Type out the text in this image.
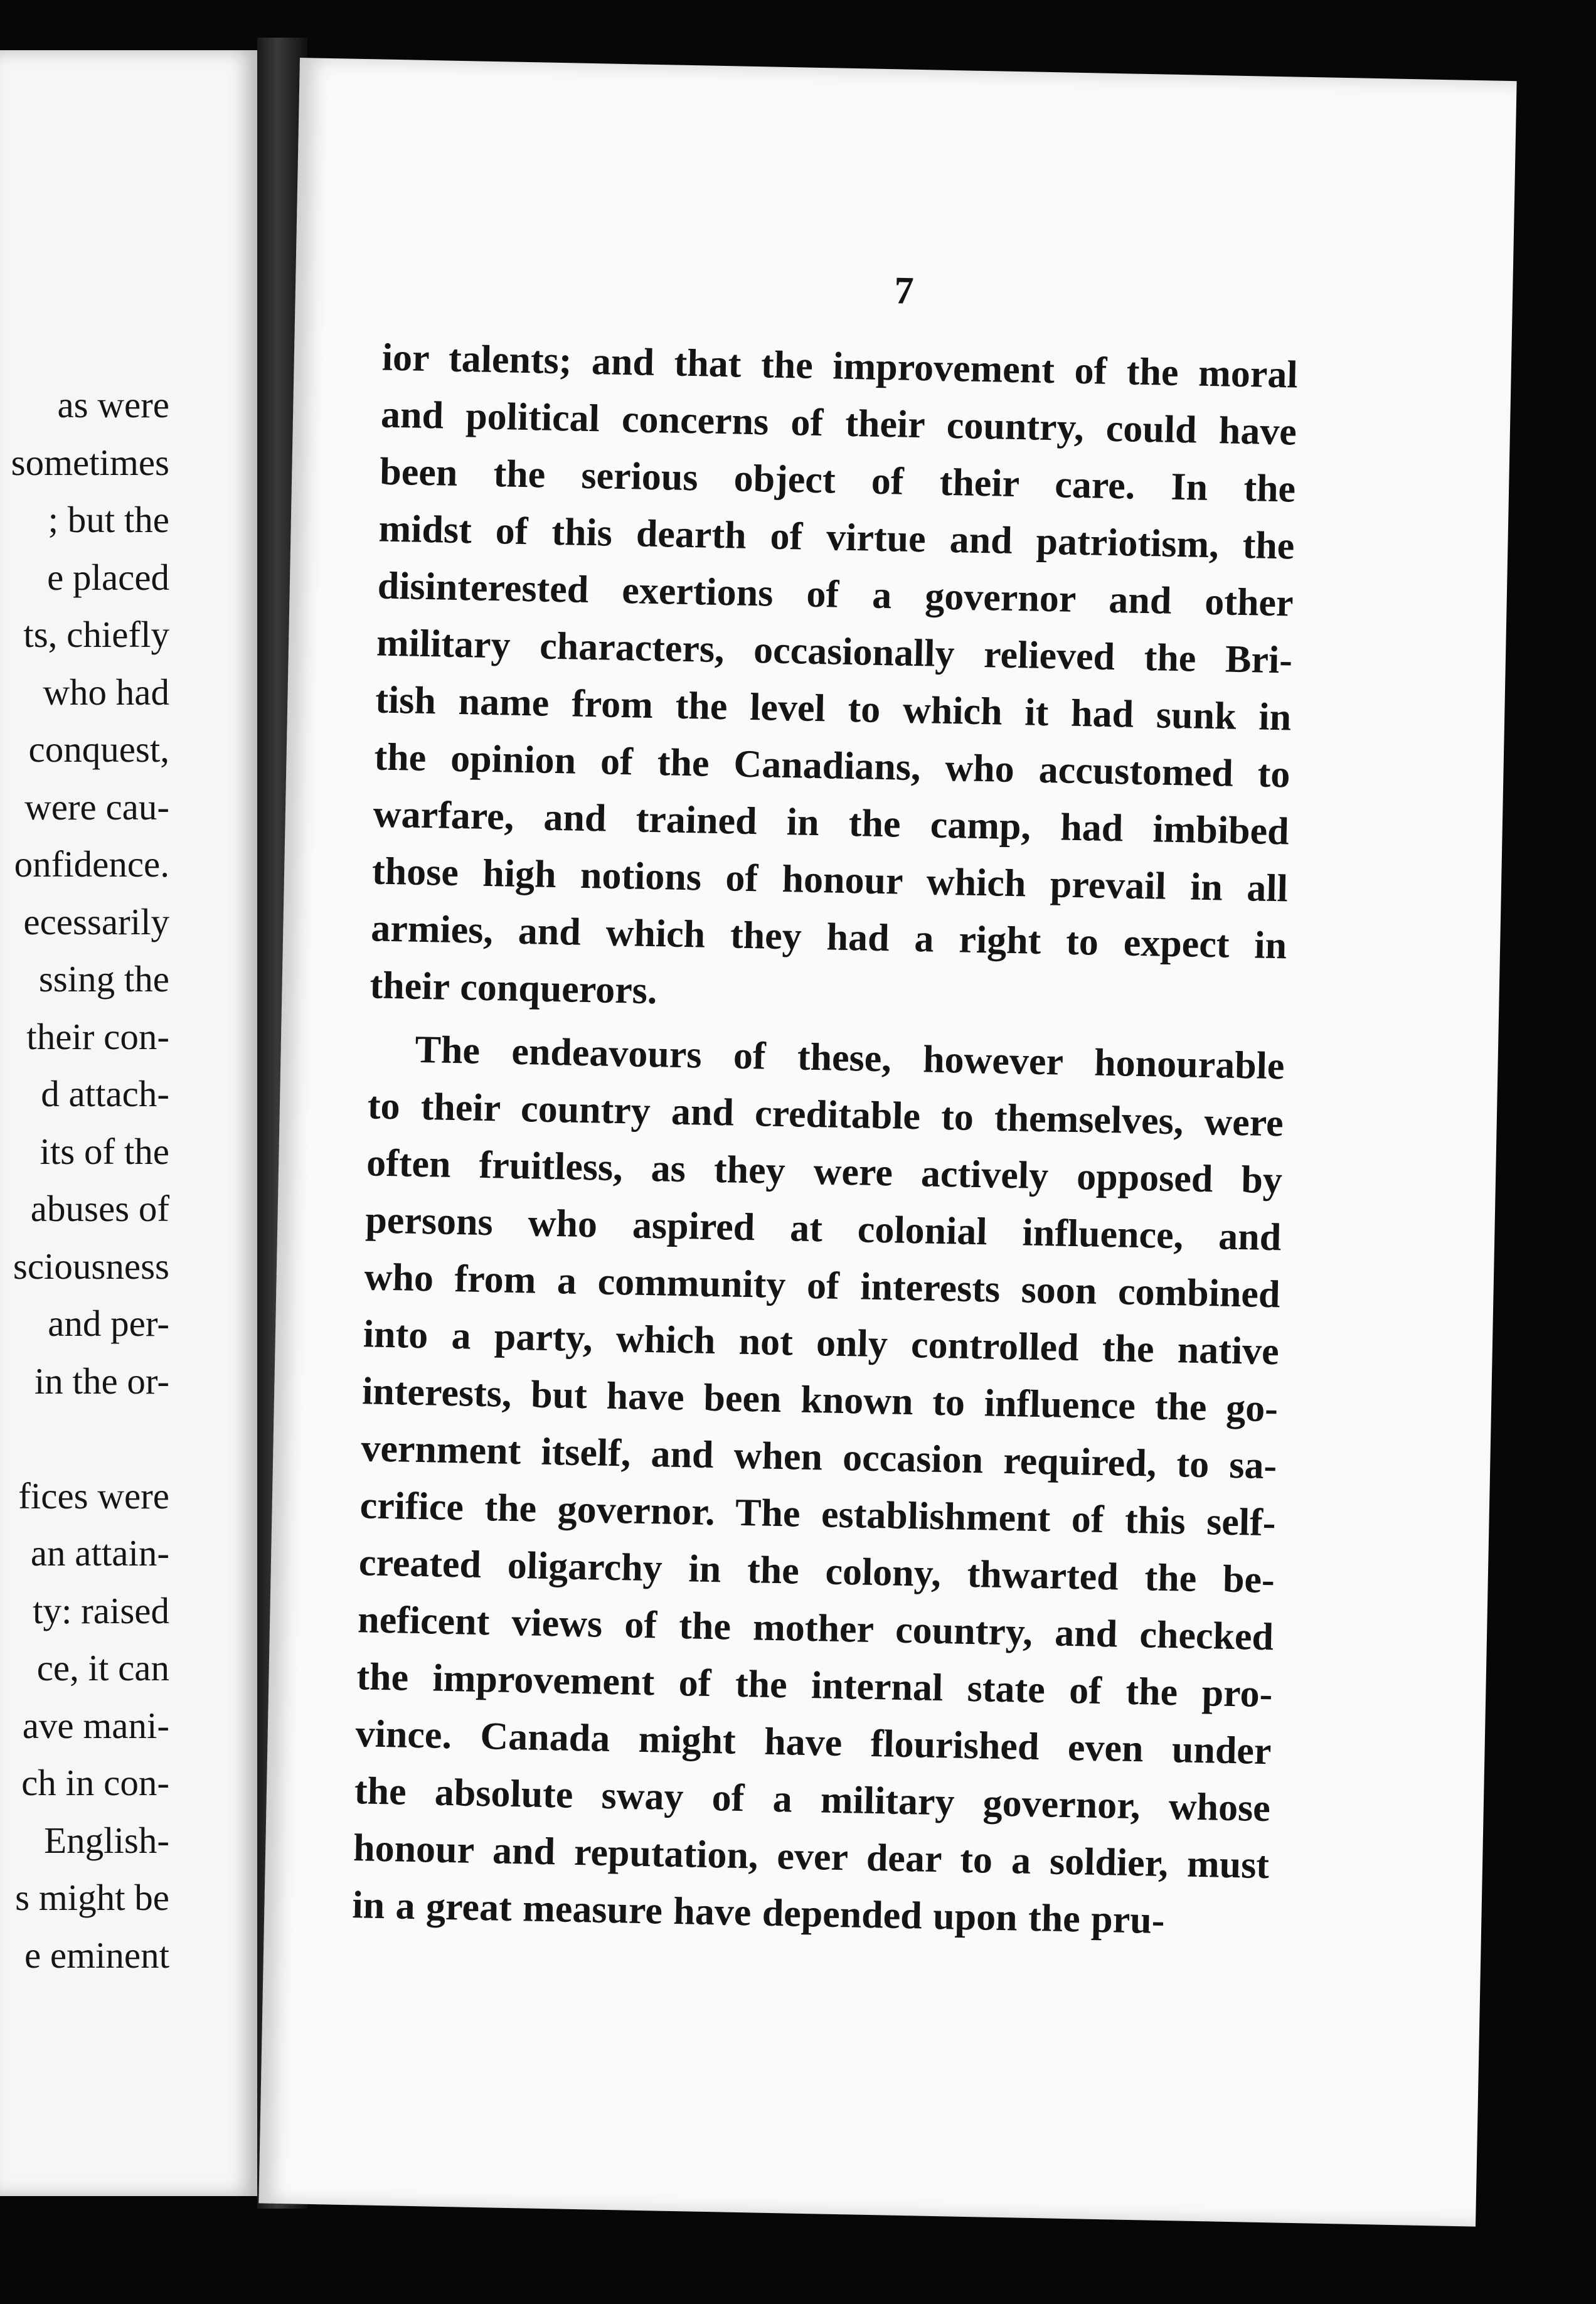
as were
sometimes
; but the
e placed
ts, chiefly
who had
conquest,
were cau-
onfidence.
ecessarily
ssing the
their con-
d attach-
its of the
abuses of
sciousness
and per-
in the or-
fices were
an attain-
ty: raised
ce, it can
ave mani-
ch in con-
English-
s might be
e eminent
7
ior talents; and that the improvement of the moral
and political concerns of their country, could have
been the serious object of their care. In the
midst of this dearth of virtue and patriotism, the
disinterested exertions of a governor and other
military characters, occasionally relieved the Bri-
tish name from the level to which it had sunk in
the opinion of the Canadians, who accustomed to
warfare, and trained in the camp, had imbibed
those high notions of honour which prevail in all
armies, and which they had a right to expect in
their conquerors.
The endeavours of these, however honourable
to their country and creditable to themselves, were
often fruitless, as they were actively opposed by
persons who aspired at colonial influence, and
who from a community of interests soon combined
into a party, which not only controlled the native
interests, but have been known to influence the go-
vernment itself, and when occasion required, to sa-
crifice the governor. The establishment of this self-
created oligarchy in the colony, thwarted the be-
neficent views of the mother country, and checked
the improvement of the internal state of the pro-
vince. Canada might have flourished even under
the absolute sway of a military governor, whose
honour and reputation, ever dear to a soldier, must
in a great measure have depended upon the pru-
